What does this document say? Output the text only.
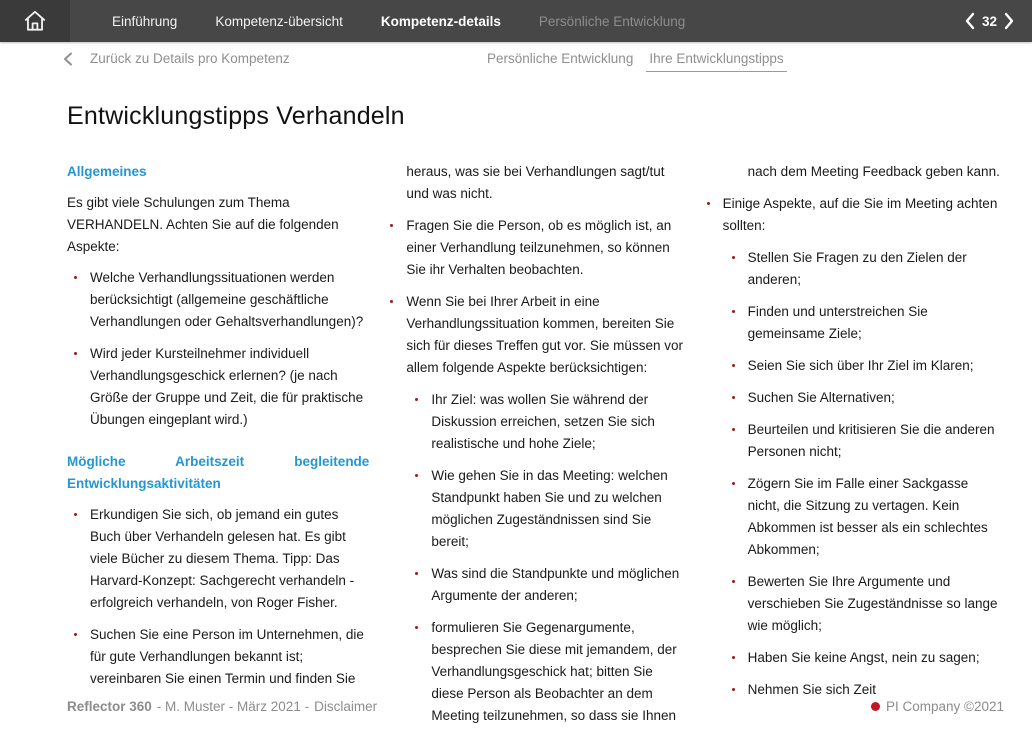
Einführung	Kompetenz-übersicht	Kompetenz-details	Persönliche Entwicklung	32
Zurück zu Details pro Kompetenz	Persönliche Entwicklung Ihre Entwicklungstipps
Entwicklungstipps Verhandeln
Allgemeines
Es gibt viele Schulungen zum Thema VERHANDELN. Achten Sie auf die folgenden Aspekte:
Welche Verhandlungssituationen werden berücksichtigt (allgemeine geschäftliche Verhandlungen oder Gehaltsverhandlungen)?
Wird jeder Kursteilnehmer individuell Verhandlungsgeschick erlernen? (je nach Größe der Gruppe und Zeit, die für praktische Übungen eingeplant wird.)
Mögliche Arbeitszeit begleitende Entwicklungsaktivitäten
Erkundigen Sie sich, ob jemand ein gutes Buch über Verhandeln gelesen hat. Es gibt viele Bücher zu diesem Thema. Tipp: Das Harvard-Konzept: Sachgerecht verhandeln - erfolgreich verhandeln, von Roger Fisher.
Suchen Sie eine Person im Unternehmen, die für gute Verhandlungen bekannt ist; vereinbaren Sie einen Termin und finden Sie
heraus, was sie bei Verhandlungen sagt/tut und was nicht.
Fragen Sie die Person, ob es möglich ist, an einer Verhandlung teilzunehmen, so können Sie ihr Verhalten beobachten.
Wenn Sie bei Ihrer Arbeit in eine Verhandlungssituation kommen, bereiten Sie sich für dieses Treffen gut vor. Sie müssen vor allem folgende Aspekte berücksichtigen:
Ihr Ziel: was wollen Sie während der Diskussion erreichen, setzen Sie sich realistische und hohe Ziele;
Wie gehen Sie in das Meeting: welchen Standpunkt haben Sie und zu welchen möglichen Zugeständnissen sind Sie bereit;
Was sind die Standpunkte und möglichen Argumente der anderen;
formulieren Sie Gegenargumente, besprechen Sie diese mit jemandem, der Verhandlungsgeschick hat; bitten Sie diese Person als Beobachter an dem Meeting teilzunehmen, so dass sie Ihnen
nach dem Meeting Feedback geben kann.
Einige Aspekte, auf die Sie im Meeting achten sollten:
Stellen Sie Fragen zu den Zielen der anderen;
Finden und unterstreichen Sie gemeinsame Ziele;
Seien Sie sich über Ihr Ziel im Klaren;
Suchen Sie Alternativen;
Beurteilen und kritisieren Sie die anderen Personen nicht;
Zögern Sie im Falle einer Sackgasse nicht, die Sitzung zu vertagen. Kein Abkommen ist besser als ein schlechtes Abkommen;
Bewerten Sie Ihre Argumente und verschieben Sie Zugeständnisse so lange wie möglich;
Haben Sie keine Angst, nein zu sagen;
Nehmen Sie sich Zeit
Reflector 360 - M. Muster - März 2021 - Disclaimer	PI Company ©2021
